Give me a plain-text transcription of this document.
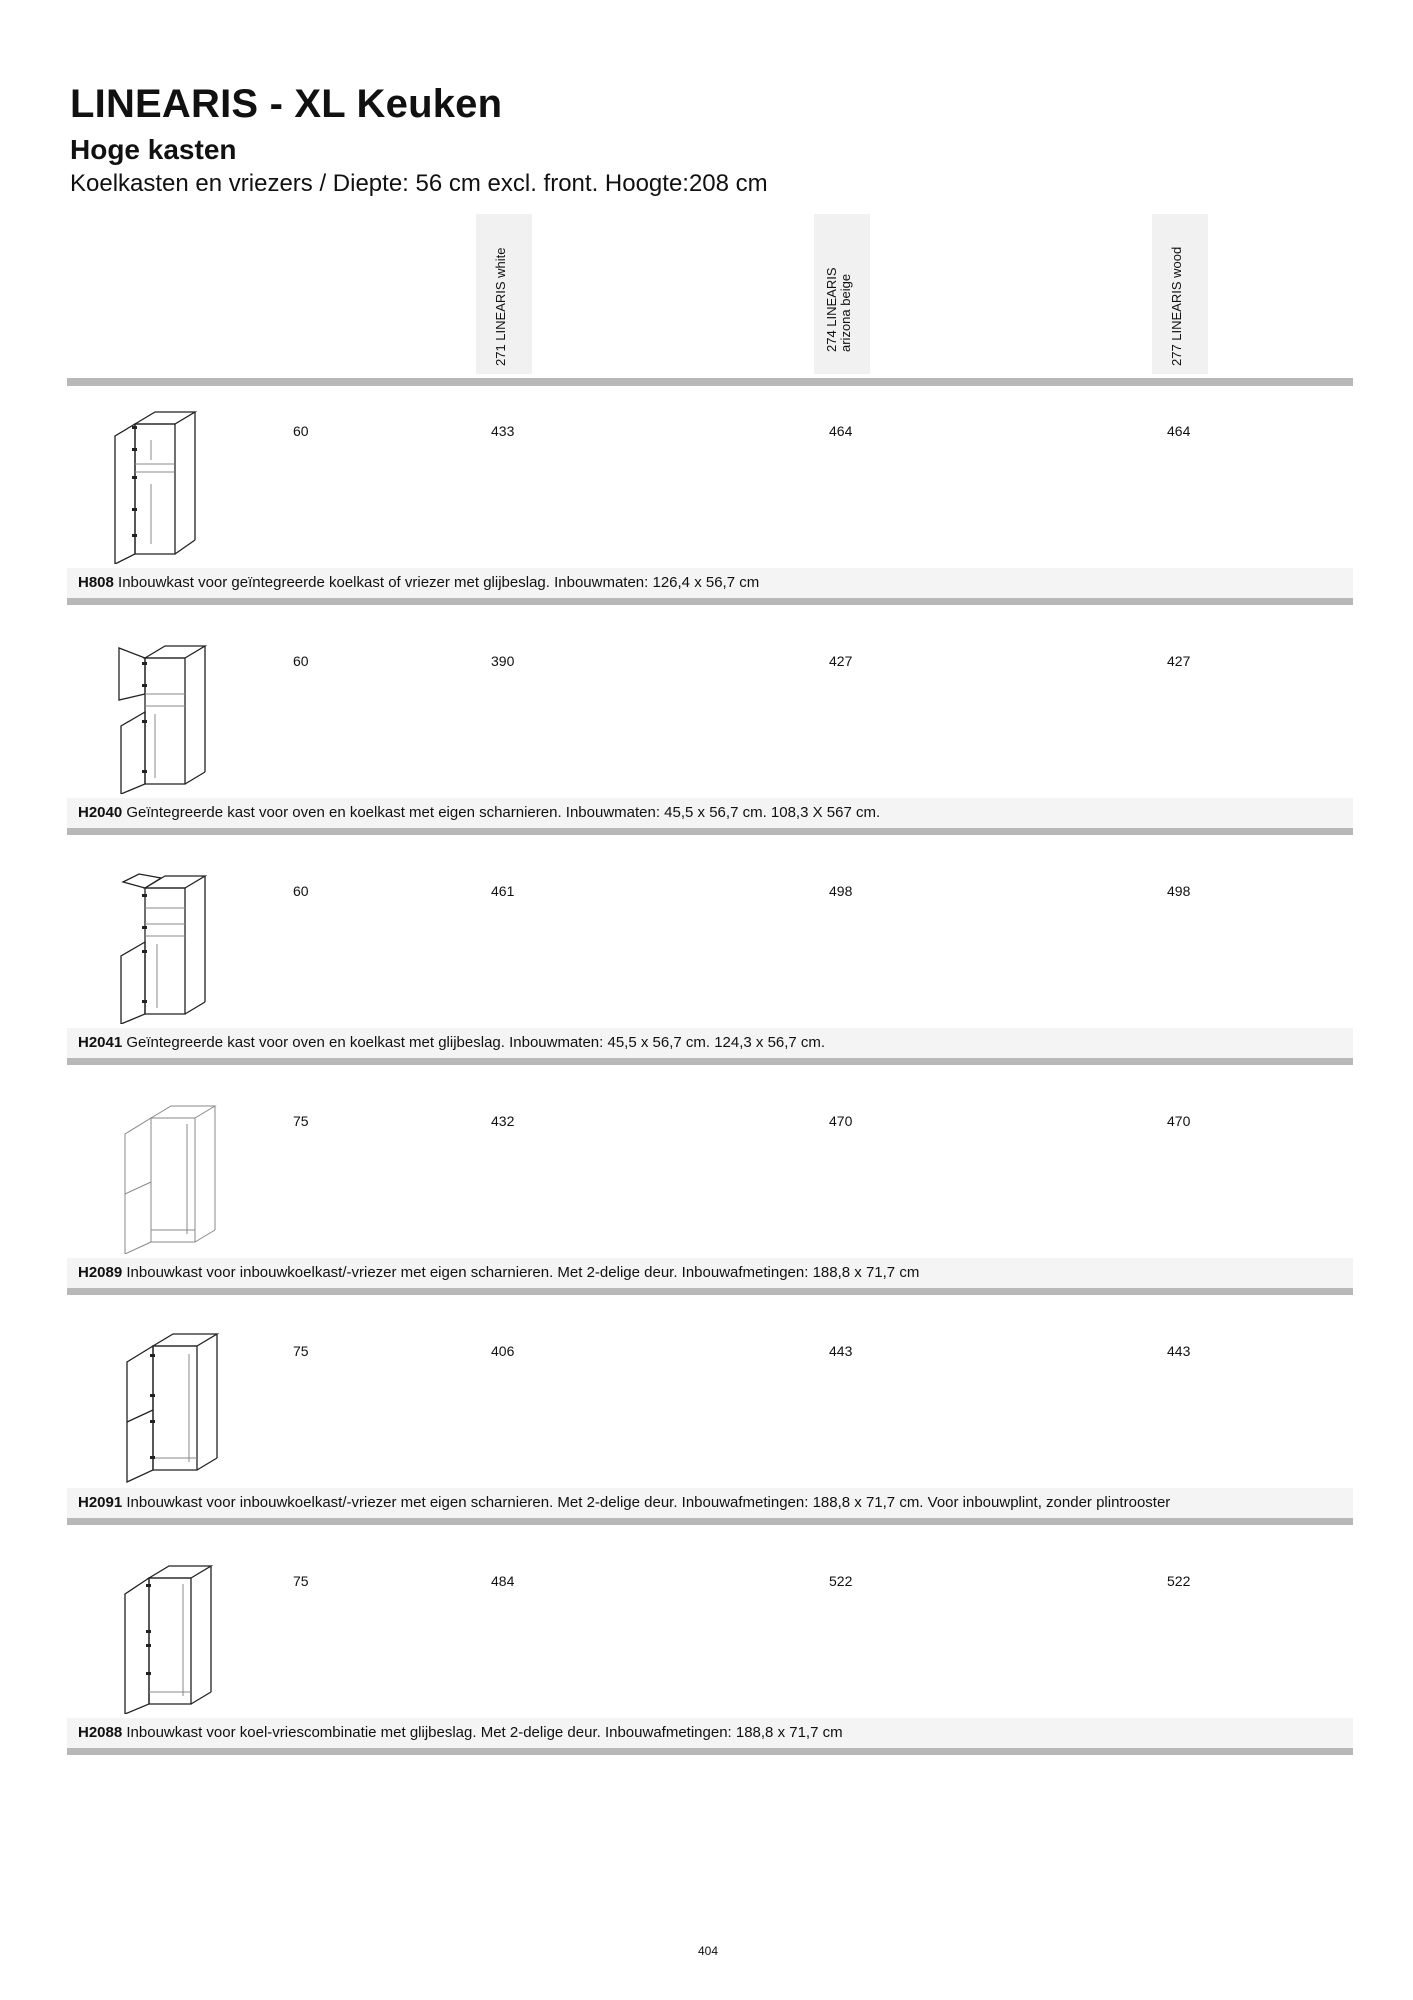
LINEARIS - XL Keuken
Hoge kasten
Koelkasten en vriezers / Diepte: 56 cm excl. front. Hoogte:208 cm
271 LINEARIS white	274 LINEARIS arizona beige	277 LINEARIS wood
60	433	464	464
H808 Inbouwkast voor geïntegreerde koelkast of vriezer met glijbeslag. Inbouwmaten: 126,4 x 56,7 cm
60	390	427	427
H2040 Geïntegreerde kast voor oven en koelkast met eigen scharnieren. Inbouwmaten: 45,5 x 56,7 cm. 108,3 X 567 cm.
60	461	498	498
H2041 Geïntegreerde kast voor oven en koelkast met glijbeslag. Inbouwmaten: 45,5 x 56,7 cm. 124,3 x 56,7 cm.
75	432	470	470
H2089 Inbouwkast voor inbouwkoelkast/-vriezer met eigen scharnieren. Met 2-delige deur. Inbouwafmetingen: 188,8 x 71,7 cm
75	406	443	443
H2091 Inbouwkast voor inbouwkoelkast/-vriezer met eigen scharnieren. Met 2-delige deur. Inbouwafmetingen: 188,8 x 71,7 cm. Voor inbouwplint, zonder plintrooster
75	484	522	522
H2088 Inbouwkast voor koel-vriescombinatie met glijbeslag. Met 2-delige deur. Inbouwafmetingen: 188,8 x 71,7 cm
404
